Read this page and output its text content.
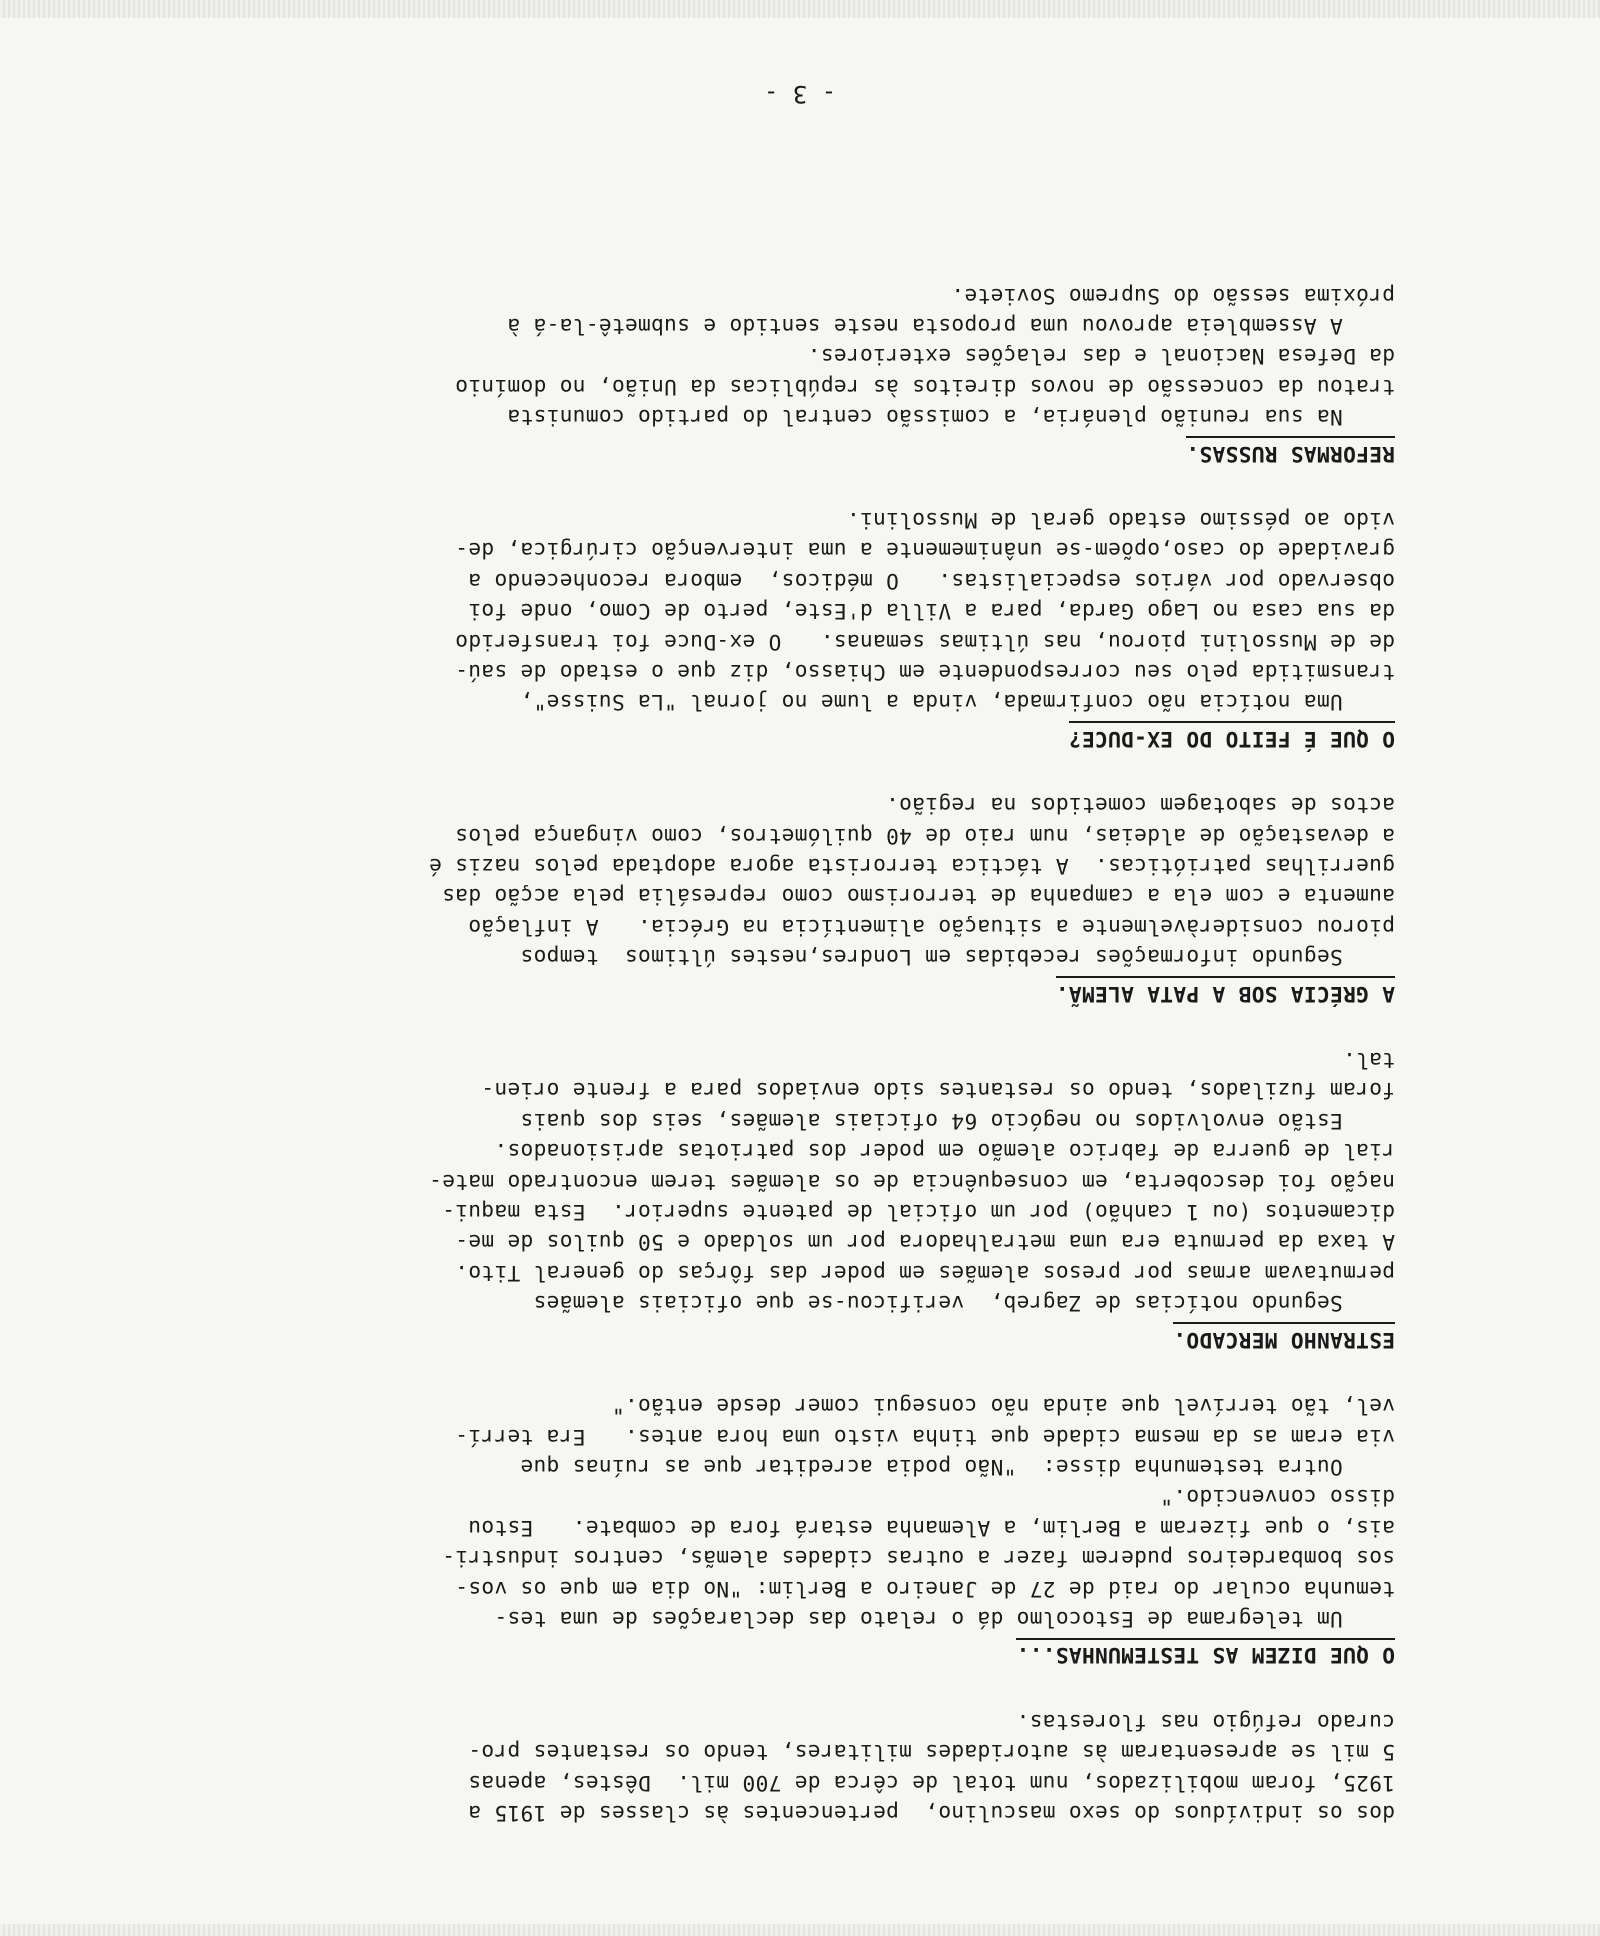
dos os indivíduos do sexo masculino,  pertencentes às classes de 1915 a
1925, foram mobilizados, num total de cêrca de 700 mil.  Dêstes, apenas
5 mil se apresentaram às autoridades militares, tendo os restantes pro-
curado refúgio nas florestas.
O QUE DIZEM AS TESTEMUNHAS...
Um telegrama de Estocolmo dá o relato das declarações de uma tes-
temunha ocular do raid de 27 de Janeiro a Berlim: "No dia em que os vos-
sos bombardeiros puderem fazer a outras cidades alemãs, centros industri-
ais, o que fizeram a Berlim, a Alemanha estará fora de combate.   Estou
disso convencido."
Outra testemunha disse:  "Não podia acreditar que as ruínas que
via eram as da mesma cidade que tinha visto uma hora antes.   Era terrí-
vel, tão terrível que ainda não consegui comer desde então."
ESTRANHO MERCADO.
Segundo notícias de Zagreb,  verificou-se que oficiais alemães
permutavam armas por presos alemães em poder das fôrças do general Tito.
A taxa da permuta era uma metralhadora por um soldado e 50 quilos de me-
dicamentos (ou 1 canhão) por um oficial de patente superior.  Esta maqui-
nação foi descoberta, em consequência de os alemães terem encontrado mate-
rial de guerra de fabrico alemão em poder dos patriotas aprisionados.
Estão envolvidos no negócio 64 oficiais alemães, seis dos quais
foram fuzilados, tendo os restantes sido enviados para a frente orien-
tal.
A GRÉCIA SOB A PATA ALEMÃ.
Segundo informações recebidas em Londres,nestes últimos  tempos
piorou consideràvelmente a situação alimentícia na Grécia.   A inflação
aumenta e com ela a campanha de terrorismo como represália pela acção das
guerrilhas patrióticas.  A táctica terrorista agora adoptada pelos nazis é
a devastação de aldeias, num raio de 40 quilómetros, como vingança pelos
actos de sabotagem cometidos na região.
O QUE É FEITO DO EX-DUCE?
Uma notícia não confirmada, vinda a lume no jornal "La Suisse",
transmitida pelo seu correspondente em Chiasso, diz que o estado de saú-
de de Mussolini piorou, nas últimas semanas.   O ex-Duce foi transferido
da sua casa no Lago Garda, para a Villa d'Este, perto de Como, onde foi
observado por vários especialistas.   O médicos,  embora reconhecendo a
gravidade do caso,opõem-se unânimemente a uma intervenção cirúrgica, de-
vido ao péssimo estado geral de Mussolini.
REFORMAS RUSSAS.
Na sua reunião plenária, a comissão central do partido comunista
tratou da concessão de novos direitos às repúblicas da União, no domínio
da Defesa Nacional e das relações exteriores.
A Assembleia aprovou uma proposta neste sentido e submetê-la-á à
próxima sessão do Supremo Soviete.
- 3 -
